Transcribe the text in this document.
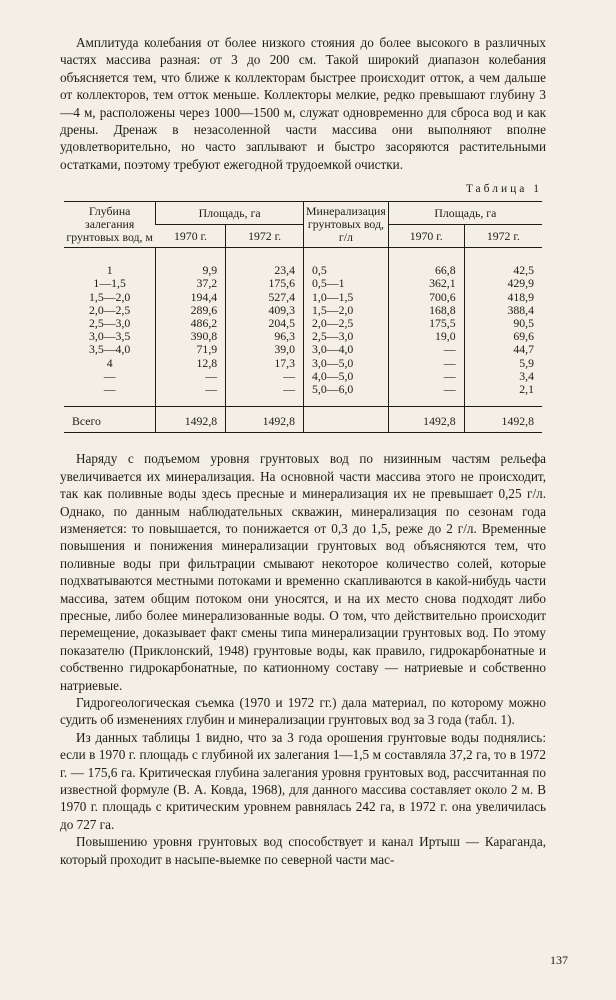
Амплитуда колебания от более низкого стояния до более высокого в различных частях массива разная: от 3 до 200 см. Такой широкий диапазон колебания объясняется тем, что ближе к коллекторам быстрее происходит отток, а чем дальше от коллекторов, тем отток меньше. Коллекторы мелкие, редко превышают глубину 3—4 м, расположены через 1000—1500 м, служат одновременно для сброса вод и как дрены. Дренаж в незасоленной части массива они выполняют вполне удовлетворительно, но часто заплывают и быстро засоряются растительными остатками, поэтому требуют ежегодной трудоемкой очистки.

Таблица 1
Глубина залегания грунтовых вод, м	Площадь, га		Минерализация грунтовых вод, г/л	Площадь, га	
	1970 г.	1972 г.		1970 г.	1972 г.
1	9,9	23,4	0,5	66,8	42,5
1—1,5	37,2	175,6	0,5—1	362,1	429,9
1,5—2,0	194,4	527,4	1,0—1,5	700,6	418,9
2,0—2,5	289,6	409,3	1,5—2,0	168,8	388,4
2,5—3,0	486,2	204,5	2,0—2,5	175,5	90,5
3,0—3,5	390,8	96,3	2,5—3,0	19,0	69,6
3,5—4,0	71,9	39,0	3,0—4,0	—	44,7
4	12,8	17,3	3,0—5,0	—	5,9
—	—	—	4,0—5,0	—	3,4
—	—	—	5,0—6,0	—	2,1
Всего	1492,8	1492,8		1492,8	1492,8

Наряду с подъемом уровня грунтовых вод по низинным частям рельефа увеличивается их минерализация. На основной части массива этого не происходит, так как поливные воды здесь пресные и минерализация их не превышает 0,25 г/л. Однако, по данным наблюдательных скважин, минерализация по сезонам года изменяется: то повышается, то понижается от 0,3 до 1,5, реже до 2 г/л. Временные повышения и понижения минерализации грунтовых вод объясняются тем, что поливные воды при фильтрации смывают некоторое количество солей, которые подхватываются местными потоками и временно скапливаются в какой-нибудь части массива, затем общим потоком они уносятся, и на их место снова подходят либо пресные, либо более минерализованные воды. О том, что действительно происходит перемещение, доказывает факт смены типа минерализации грунтовых вод. По этому показателю (Приклонский, 1948) грунтовые воды, как правило, гидрокарбонатные и собственно гидрокарбонатные, по катионному составу — натриевые и собственно натриевые.

Гидрогеологическая съемка (1970 и 1972 гг.) дала материал, по которому можно судить об изменениях глубин и минерализации грунтовых вод за 3 года (табл. 1).

Из данных таблицы 1 видно, что за 3 года орошения грунтовые воды поднялись: если в 1970 г. площадь с глубиной их залегания 1—1,5 м составляла 37,2 га, то в 1972 г. — 175,6 га. Критическая глубина залегания уровня грунтовых вод, рассчитанная по известной формуле (В. А. Ковда, 1968), для данного массива составляет около 2 м. В 1970 г. площадь с критическим уровнем равнялась 242 га, в 1972 г. она увеличилась до 727 га.

Повышению уровня грунтовых вод способствует и канал Иртыш — Караганда, который проходит в насыпе-выемке по северной части мас-

137
